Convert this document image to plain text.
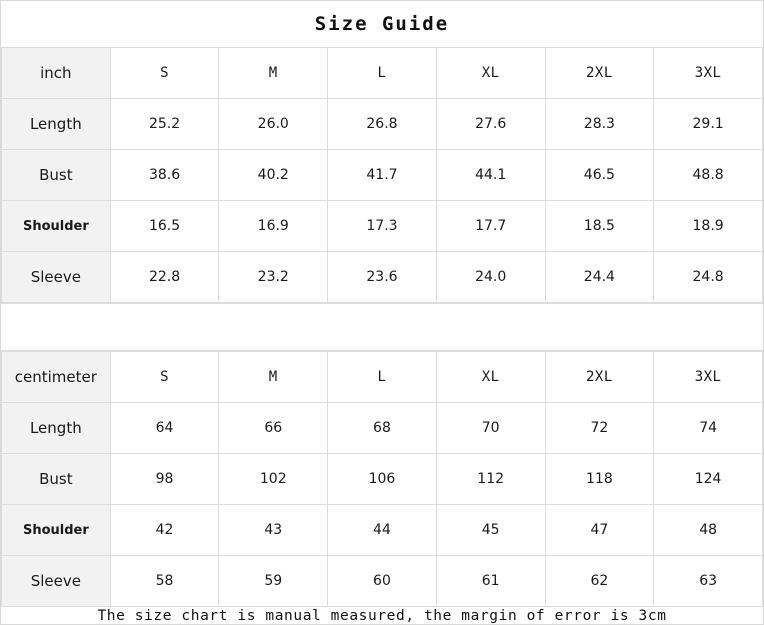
Size Guide
inch	S	M	L	XL	2XL	3XL
Length	25.2	26.0	26.8	27.6	28.3	29.1
Bust	38.6	40.2	41.7	44.1	46.5	48.8
Shoulder	16.5	16.9	17.3	17.7	18.5	18.9
Sleeve	22.8	23.2	23.6	24.0	24.4	24.8
centimeter	S	M	L	XL	2XL	3XL
Length	64	66	68	70	72	74
Bust	98	102	106	112	118	124
Shoulder	42	43	44	45	47	48
Sleeve	58	59	60	61	62	63
The size chart is manual measured, the margin of error is 3cm
